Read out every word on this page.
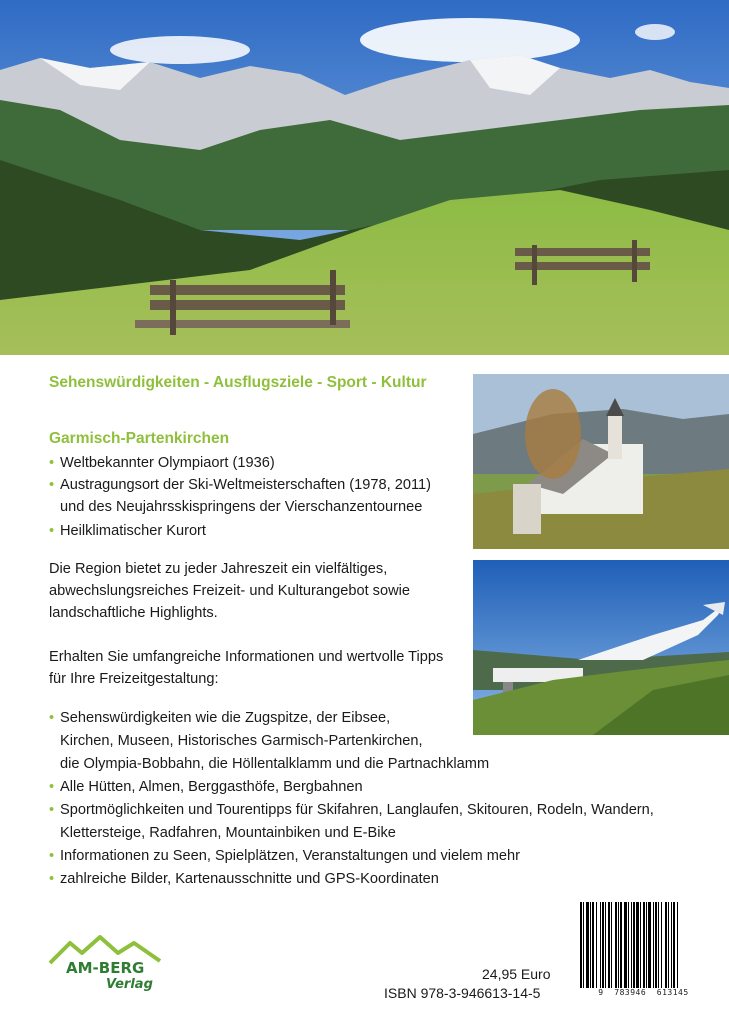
Sehenswürdigkeiten - Ausflugsziele - Sport - Kultur
Garmisch-Partenkirchen
• Weltbekannter Olympiaort (1936)
• Austragungsort der Ski-Weltmeisterschaften (1978, 2011)
und des Neujahrsskispringens der Vierschanzentournee
• Heilklimatischer Kurort
Die Region bietet zu jeder Jahreszeit ein vielfältiges,
abwechslungsreiches Freizeit- und Kulturangebot sowie
landschaftliche Highlights.
Erhalten Sie umfangreiche Informationen und wertvolle Tipps
für Ihre Freizeitgestaltung:
• Sehenswürdigkeiten wie die Zugspitze, der Eibsee,
Kirchen, Museen, Historisches Garmisch-Partenkirchen,
die Olympia-Bobbahn, die Höllentalklamm und die Partnachklamm
• Alle Hütten, Almen, Berggasthöfe, Bergbahnen
• Sportmöglichkeiten und Tourentipps für Skifahren, Langlaufen, Skitouren, Rodeln, Wandern,
Klettersteige, Radfahren, Mountainbiken und E-Bike
• Informationen zu Seen, Spielplätzen, Veranstaltungen und vielem mehr
• zahlreiche Bilder, Kartenausschnitte und GPS-Koordinaten
AM-BERG
Verlag
24,95 Euro
ISBN 978-3-946613-14-5	9  783946  613145
